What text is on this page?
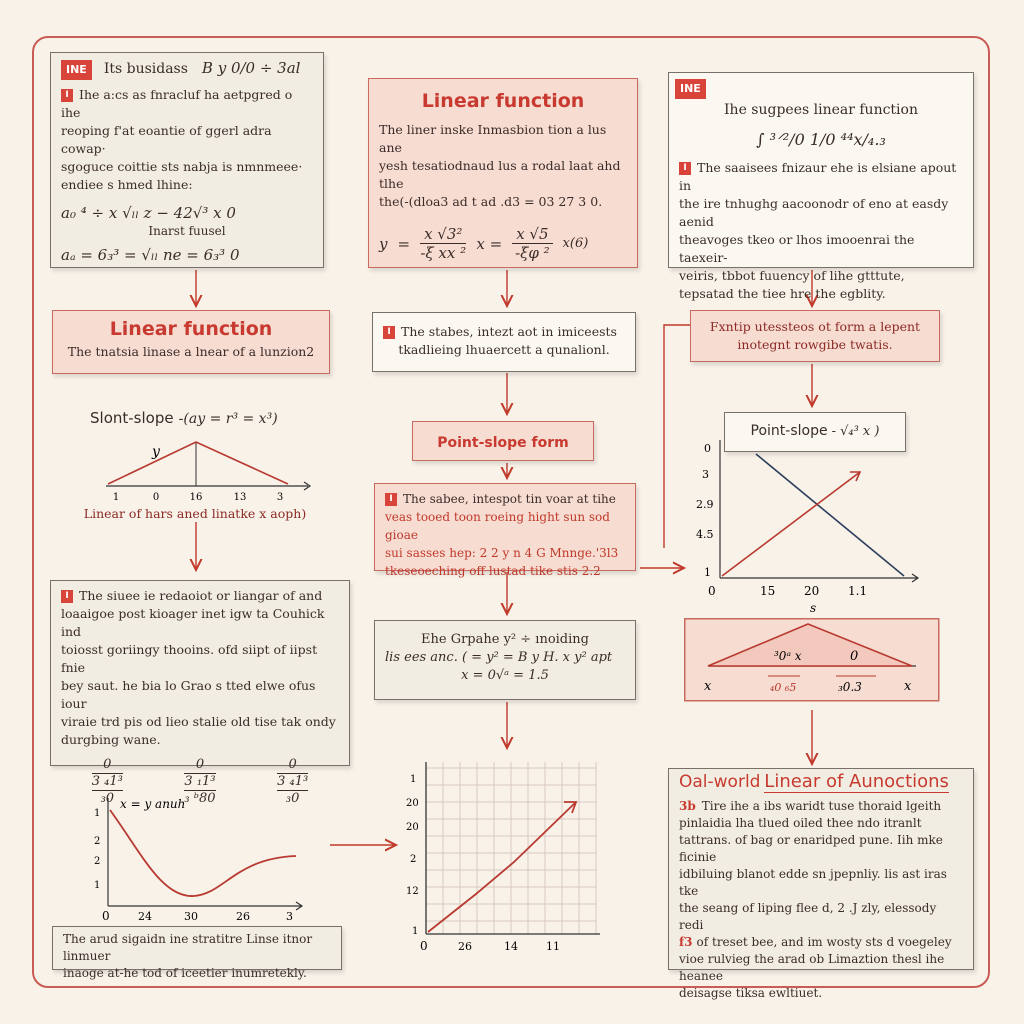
INE Its busidass B y 0/0 ÷ 3al
I Ihe a:cs as fnracluf ha aetpgred o ihe
reoping f'at eoantie of ggerl adra cowap·
sgoguce coittie sts nabja is nmnmeee·
endiee s hmed lhine:
a₀ ⁴ ÷ x √ₗₗ z − 42√³ x 0
Inarst fuusel
aₐ = 6₃³ = √ₗₗ ne = 6₃³ 0
Linear function
The liner inske Inmasbion tion a lus ane
yesh tesatiodnaud lus a rodal laat ahd tlhe
the(-(dloa3 ad t ad .d3 = 03 27 3 0.
$y = \frac{\text{x √3²}}{\text{-ξ xx ²}}$ $x = \frac{x √5}{\text{-ξφ ²}} x(6)$
INE
Ihe sugpees linear function
∫ ³ᐟ²/0 1/0 ⁴⁴x/₄.₃
I The saaisees fnizaur ehe is elsiane apout in
the ire tnhughg aacoonodr of eno at easdy aenid
theavoges tkeo or lhos imooenrai the taexeir-
veiris, tbbot fuuency of lihe gtttute,
tepsatad the tiee hre the egblity.
Linear function
The tnatsia linase a lnear of a lunzion2
Slont-slope -(ay = r³ = x³)
y
1	0	16	13	3
Linear of hars aned linatke x aoph)
I The siuee ie redaoiot or liangar of and
loaaigoe post kioager inet igw ta Couhick ind
toiosst goriingy thooins. ofd siipt of iipst fnie
bey saut. he bia lo Grao s tted elwe ofus iour
viraie trd pis od lieo stalie old tise tak ondy
durgbing wane.
0
3 ₄1³
₃0
0
3 ₁1³
₃ ᵇ80
0
3 ₄1³
₃0
I The stabes, intezt aot in imiceests
tkadlieing lhuaercett a qunalionl.
Point-slope form
I The sabee, intespot tin voar at tihe
veas tooed toon roeing hight sun sod gioae
sui sasses hep: 2 2 y n 4 G Mnnge.'3l3
tkeseoeching off lustad tike stis 2.2
Ehe Grpahe y² ÷ ınoiding
lis ees anc. ( = y² = B y H. x y² apt
x = 0√ᵃ = 1.5
Fxntip utessteos ot form a lepent
inotegnt rowgibe twatis.
Point-slope - √₄³ x )
0
3
2.9
4.5
1
0	15 20 1.1
s
³0ᵃ x	0
x	x
₄0 ₆5	₃0.3
x = y anuh
1
2
2
1
0	24	30	26	3
The arud sigaidn ine stratitre Linse itnor linmuer
inaoge at-he tod of iceetier inumretekly.
1
20
20
2
12
1
0	26	14	11
Oal-world Linear of Aunoctions
3b Tire ihe a ibs waridt tuse thoraid lgeith
pinlaidia lha tlued oiled thee ndo itranlt
tattrans. of bag or enaridped pune. Iih mke ficinie
idbiluing blanot edde sn jpepnliy. lis ast iras tke
the seang of liping flee d, 2 .J zly, elessody
redi
f3 of treset bee, and im wosty sts d voegeley
vioe rulvieg the arad ob Limaztion thesl ihe heanee
deisagse tiksa ewltiuet.
